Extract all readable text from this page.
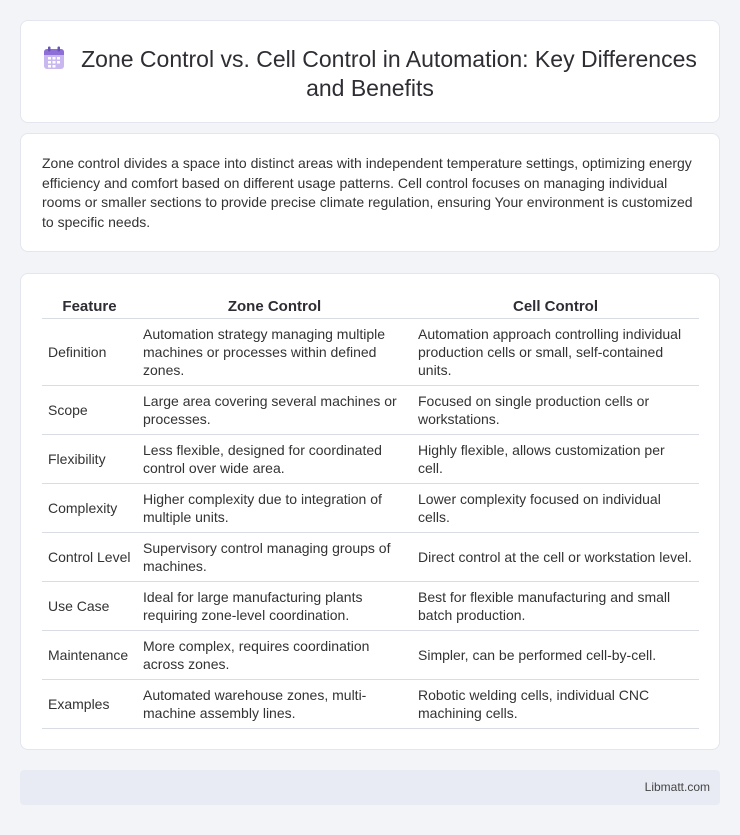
Zone Control vs. Cell Control in Automation: Key Differences and Benefits

Zone control divides a space into distinct areas with independent temperature settings, optimizing energy efficiency and comfort based on different usage patterns. Cell control focuses on managing individual rooms or smaller sections to provide precise climate regulation, ensuring Your environment is customized to specific needs.

Feature	Zone Control	Cell Control
Definition	Automation strategy managing multiple machines or processes within defined zones.	Automation approach controlling individual production cells or small, self-contained units.
Scope	Large area covering several machines or processes.	Focused on single production cells or workstations.
Flexibility	Less flexible, designed for coordinated control over wide area.	Highly flexible, allows customization per cell.
Complexity	Higher complexity due to integration of multiple units.	Lower complexity focused on individual cells.
Control Level	Supervisory control managing groups of machines.	Direct control at the cell or workstation level.
Use Case	Ideal for large manufacturing plants requiring zone-level coordination.	Best for flexible manufacturing and small batch production.
Maintenance	More complex, requires coordination across zones.	Simpler, can be performed cell-by-cell.
Examples	Automated warehouse zones, multi-machine assembly lines.	Robotic welding cells, individual CNC machining cells.
Libmatt.com
